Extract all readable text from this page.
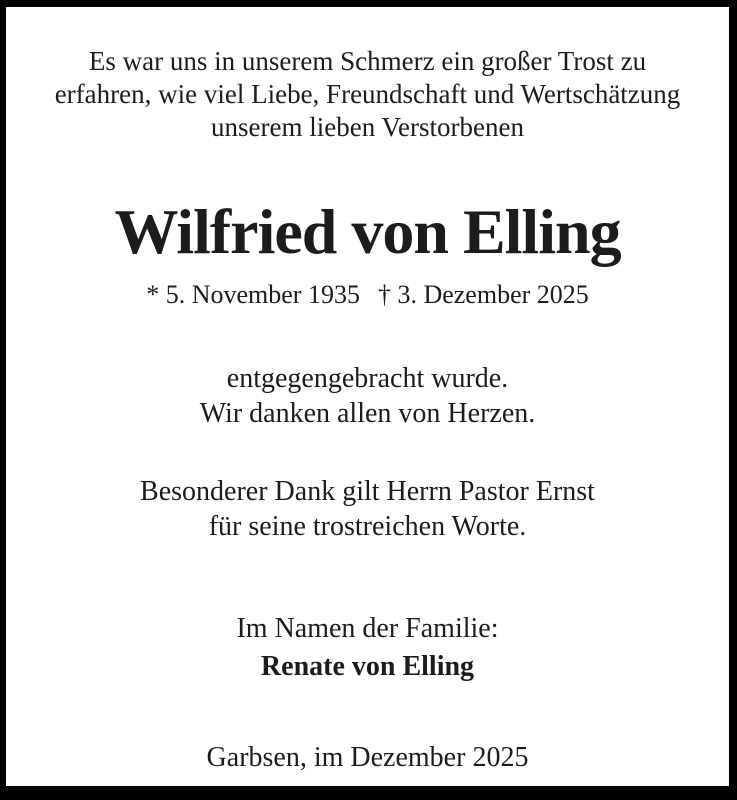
Es war uns in unserem Schmerz ein großer Trost zu
erfahren, wie viel Liebe, Freundschaft und Wertschätzung
unserem lieben Verstorbenen
Wilfried von Elling
* 5. November 1935 † 3. Dezember 2025
entgegengebracht wurde.
Wir danken allen von Herzen.
Besonderer Dank gilt Herrn Pastor Ernst
für seine trostreichen Worte.
Im Namen der Familie:
Renate von Elling
Garbsen, im Dezember 2025
